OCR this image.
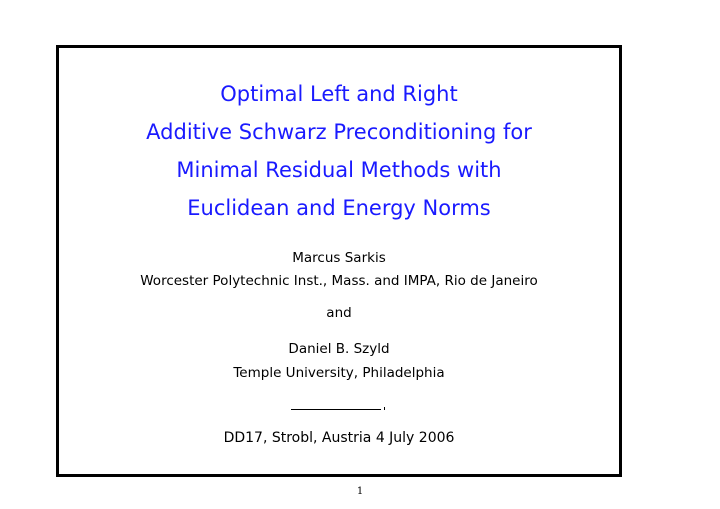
Optimal Left and Right
Additive Schwarz Preconditioning for
Minimal Residual Methods with
Euclidean and Energy Norms
Marcus Sarkis
Worcester Polytechnic Inst., Mass. and IMPA, Rio de Janeiro
and
Daniel B. Szyld
Temple University, Philadelphia
DD17, Strobl, Austria 4 July 2006
1
